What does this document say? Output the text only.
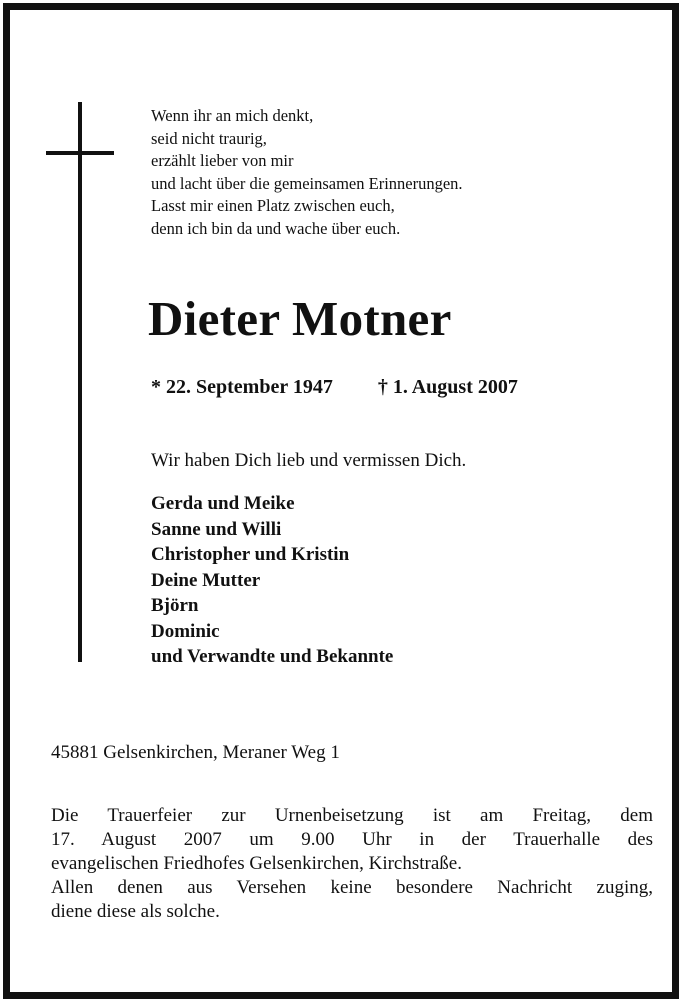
Wenn ihr an mich denkt,
seid nicht traurig,
erzählt lieber von mir
und lacht über die gemeinsamen Erinnerungen.
Lasst mir einen Platz zwischen euch,
denn ich bin da und wache über euch.
Dieter Motner
* 22. September 1947 † 1. August 2007
Wir haben Dich lieb und vermissen Dich.
Gerda und Meike
Sanne und Willi
Christopher und Kristin
Deine Mutter
Björn
Dominic
und Verwandte und Bekannte
45881 Gelsenkirchen, Meraner Weg 1
Die Trauerfeier zur Urnenbeisetzung ist am Freitag, dem
17. August 2007 um 9.00 Uhr in der Trauerhalle des
evangelischen Friedhofes Gelsenkirchen, Kirchstraße.
Allen denen aus Versehen keine besondere Nachricht zuging,
diene diese als solche.
